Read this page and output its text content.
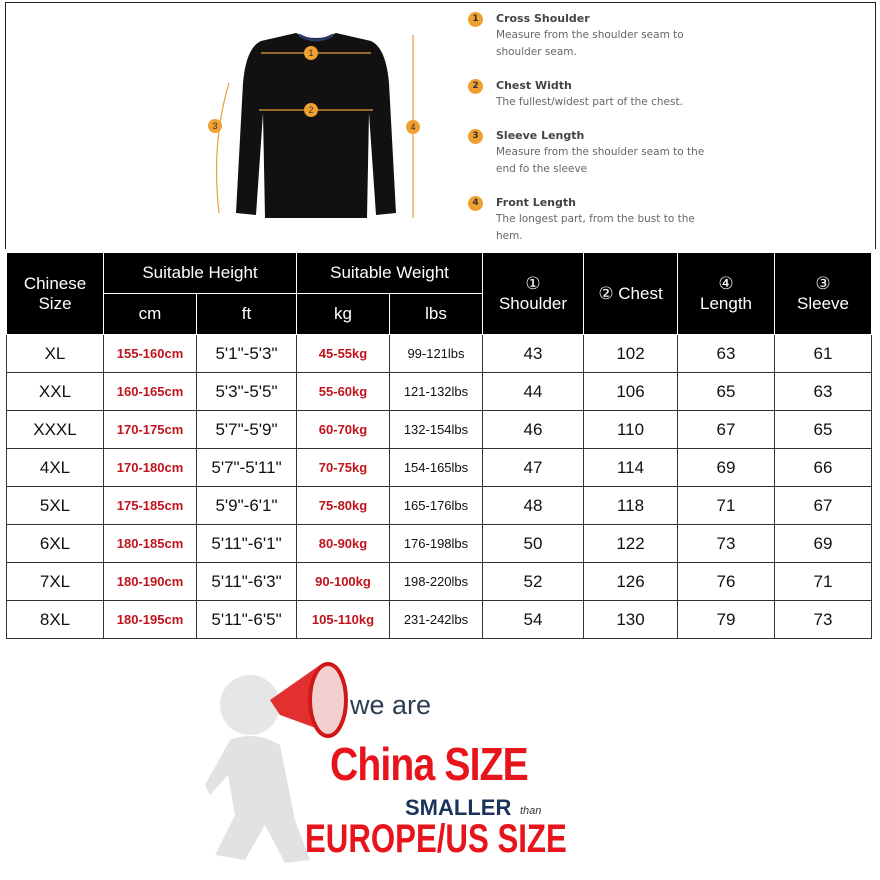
1
2
3	4
1	Cross Shoulder
Measure from the shoulder seam to shoulder seam.
2	Chest Width
The fullest/widest part of the chest.
3	Sleeve Length
Measure from the shoulder seam to the end fo the sleeve
4	Front Length
The longest part, from the bust to the hem.
Chinese Size	Suitable Height		Suitable Weight		① Shoulder	② Chest	④ Length	③ Sleeve
	cm	ft	kg	lbs				
XL	155-160cm	5'1"-5'3"	45-55kg	99-121lbs	43	102	63	61
XXL	160-165cm	5'3"-5'5"	55-60kg	121-132lbs	44	106	65	63
XXXL	170-175cm	5'7"-5'9"	60-70kg	132-154lbs	46	110	67	65
4XL	170-180cm	5'7"-5'11"	70-75kg	154-165lbs	47	114	69	66
5XL	175-185cm	5'9"-6'1"	75-80kg	165-176lbs	48	118	71	67
6XL	180-185cm	5'11"-6'1"	80-90kg	176-198lbs	50	122	73	69
7XL	180-190cm	5'11"-6'3"	90-100kg	198-220lbs	52	126	76	71
8XL	180-195cm	5'11"-6'5"	105-110kg	231-242lbs	54	130	79	73
we are
China SIZE
SMALLER than
EUROPE/US SIZE
